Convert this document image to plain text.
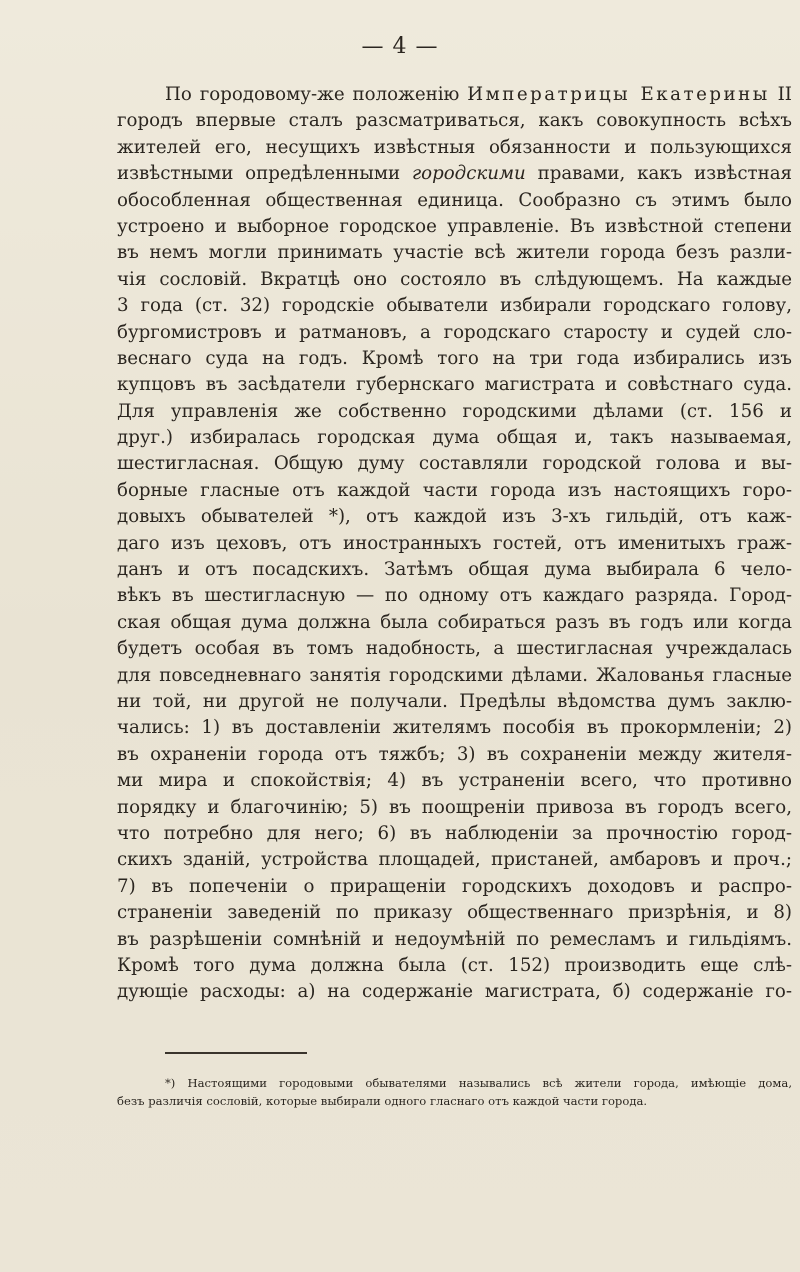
— 4 —
По городовому-же положенію Императрицы Екатерины II
городъ впервые сталъ разсматриваться, какъ совокупность всѣхъ
жителей его, несущихъ извѣстныя обязанности и пользующихся
извѣстными опредѣленными городскими правами, какъ извѣстная
обособленная общественная единица. Сообразно съ этимъ было
устроено и выборное городское управленіе. Въ извѣстной степени
въ немъ могли принимать участіе всѣ жители города безъ разли-
чія сословій. Вкратцѣ оно состояло въ слѣдующемъ. На каждые
3 года (ст. 32) городскіе обыватели избирали городскаго голову,
бургомистровъ и ратмановъ, а городскаго старосту и судей сло-
веснаго суда на годъ. Кромѣ того на три года избирались изъ
купцовъ въ засѣдатели губернскаго магистрата и совѣстнаго суда.
Для управленія же собственно городскими дѣлами (ст. 156 и
друг.) избиралась городская дума общая и, такъ называемая,
шестигласная. Общую думу составляли городской голова и вы-
борные гласные отъ каждой части города изъ настоящихъ горо-
довыхъ обывателей *), отъ каждой изъ 3-хъ гильдій, отъ каж-
даго изъ цеховъ, отъ иностранныхъ гостей, отъ именитыхъ граж-
данъ и отъ посадскихъ. Затѣмъ общая дума выбирала 6 чело-
вѣкъ въ шестигласную — по одному отъ каждаго разряда. Город-
ская общая дума должна была собираться разъ въ годъ или когда
будетъ особая въ томъ надобность, а шестигласная учреждалась
для повседневнаго занятія городскими дѣлами. Жалованья гласные
ни той, ни другой не получали. Предѣлы вѣдомства думъ заклю-
чались: 1) въ доставленіи жителямъ пособія въ прокормленіи; 2)
въ охраненіи города отъ тяжбъ; 3) въ сохраненіи между жителя-
ми мира и спокойствія; 4) въ устраненіи всего, что противно
порядку и благочинію; 5) въ поощреніи привоза въ городъ всего,
что потребно для него; 6) въ наблюденіи за прочностію город-
скихъ зданій, устройства площадей, пристаней, амбаровъ и проч.;
7) въ попеченіи о приращеніи городскихъ доходовъ и распро-
страненіи заведеній по приказу общественнаго призрѣнія, и 8)
въ разрѣшеніи сомнѣній и недоумѣній по ремесламъ и гильдіямъ.
Кромѣ того дума должна была (ст. 152) производить еще слѣ-
дующіе расходы: а) на содержаніе магистрата, б) содержаніе го-
*) Настоящими городовыми обывателями назывались всѣ жители города, имѣющіе дома,
безъ различія сословій, которые выбирали одного гласнаго отъ каждой части города.
